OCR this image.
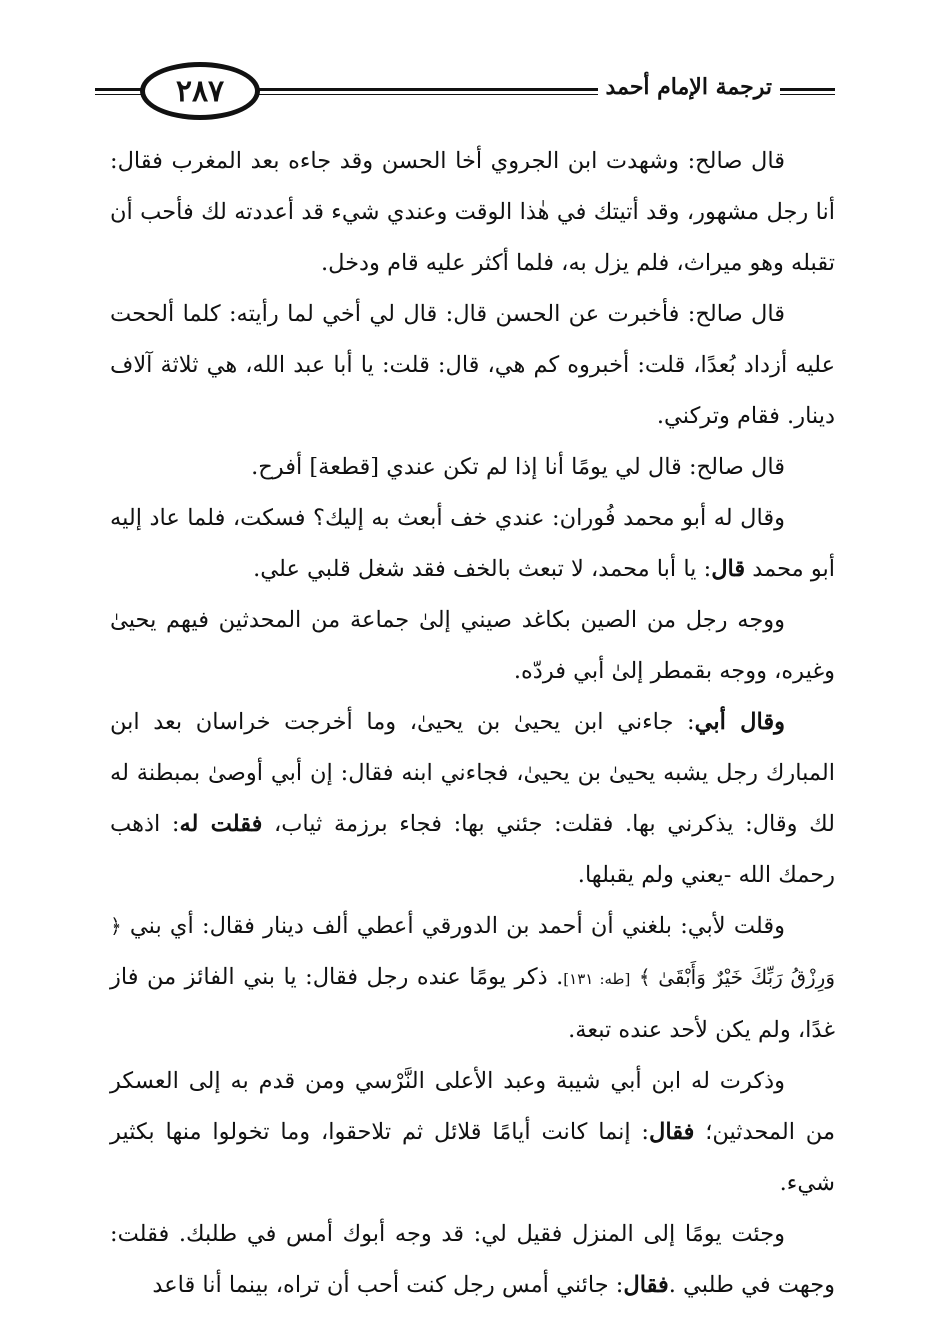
٢٨٧	ترجمة الإمام أحمد

قال صالح: وشهدت ابن الجروي أخا الحسن وقد جاءه بعد المغرب فقال: أنا رجل مشهور، وقد أتيتك في هٰذا الوقت وعندي شيء قد أعددته لك فأحب أن تقبله وهو ميراث، فلم يزل به، فلما أكثر عليه قام ودخل.

قال صالح: فأخبرت عن الحسن قال: قال لي أخي لما رأيته: كلما ألححت عليه أزداد بُعدًا، قلت: أخبروه كم هي، قال: قلت: يا أبا عبد الله، هي ثلاثة آلاف دينار. فقام وتركني.

قال صالح: قال لي يومًا أنا إذا لم تكن عندي [قطعة] أفرح.

وقال له أبو محمد فُوران: عندي خف أبعث به إليك؟ فسكت، فلما عاد إليه أبو محمد قال: يا أبا محمد، لا تبعث بالخف فقد شغل قلبي علي.

ووجه رجل من الصين بكاغد صيني إلىٰ جماعة من المحدثين فيهم يحيىٰ وغيره، ووجه بقمطر إلىٰ أبي فردّه.

وقال أبي: جاءني ابن يحيىٰ بن يحيىٰ، وما أخرجت خراسان بعد ابن المبارك رجل يشبه يحيىٰ بن يحيىٰ، فجاءني ابنه فقال: إن أبي أوصىٰ بمبطنة له لك وقال: يذكرني بها. فقلت: جئني بها: فجاء برزمة ثياب، فقلت له: اذهب رحمك الله -يعني ولم يقبلها.

وقلت لأبي: بلغني أن أحمد بن الدورقي أعطي ألف دينار فقال: أي بني ﴿ وَرِزْقُ رَبِّكَ خَيْرٌ وَأَبْقَىٰ ﴾ [طه: ١٣١]. ذكر يومًا عنده رجل فقال: يا بني الفائز من فاز غدًا، ولم يكن لأحد عنده تبعة.

وذكرت له ابن أبي شيبة وعبد الأعلى النَّرْسي ومن قدم به إلى العسكر من المحدثين؛ فقال: إنما كانت أيامًا قلائل ثم تلاحقوا، وما تخولوا منها بكثير شيء.

وجئت يومًا إلى المنزل فقيل لي: قد وجه أبوك أمس في طلبك. فقلت: وجهت في طلبي .فقال: جائني أمس رجل كنت أحب أن تراه، بينما أنا قاعد
